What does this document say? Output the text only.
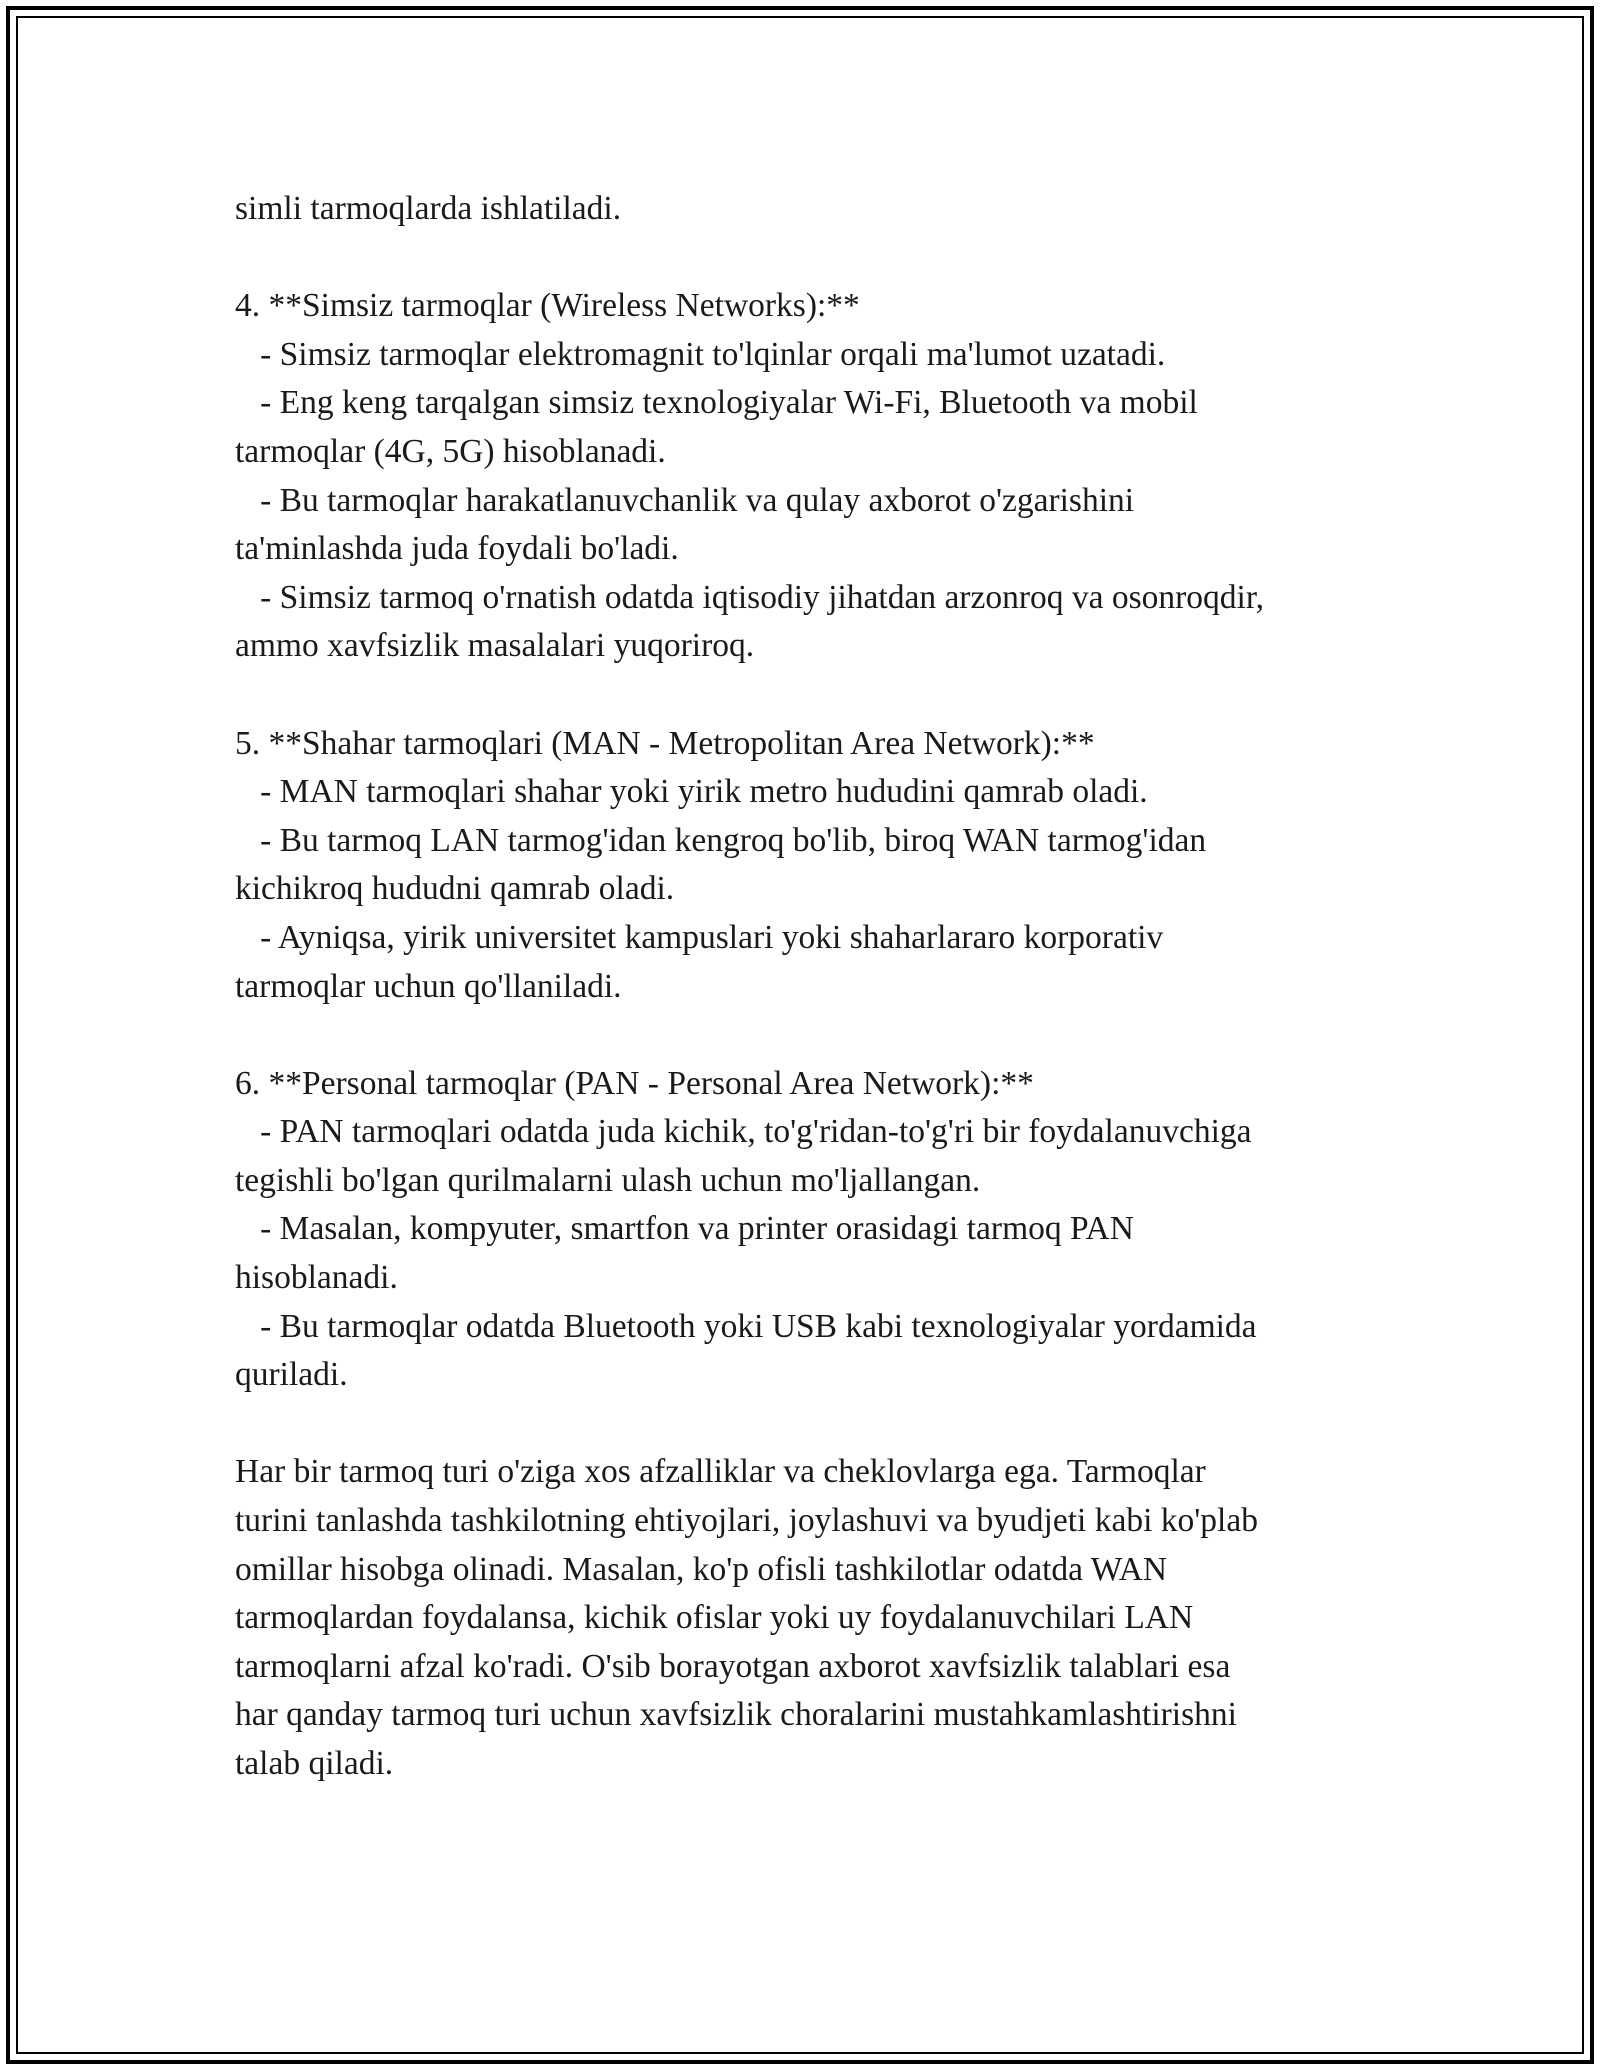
simli tarmoqlarda ishlatiladi.
4. **Simsiz tarmoqlar (Wireless Networks):**
- Simsiz tarmoqlar elektromagnit to'lqinlar orqali ma'lumot uzatadi.
- Eng keng tarqalgan simsiz texnologiyalar Wi-Fi, Bluetooth va mobil
tarmoqlar (4G, 5G) hisoblanadi.
- Bu tarmoqlar harakatlanuvchanlik va qulay axborot o'zgarishini
ta'minlashda juda foydali bo'ladi.
- Simsiz tarmoq o'rnatish odatda iqtisodiy jihatdan arzonroq va osonroqdir,
ammo xavfsizlik masalalari yuqoriroq.
5. **Shahar tarmoqlari (MAN - Metropolitan Area Network):**
- MAN tarmoqlari shahar yoki yirik metro hududini qamrab oladi.
- Bu tarmoq LAN tarmog'idan kengroq bo'lib, biroq WAN tarmog'idan
kichikroq hududni qamrab oladi.
- Ayniqsa, yirik universitet kampuslari yoki shaharlararo korporativ
tarmoqlar uchun qo'llaniladi.
6. **Personal tarmoqlar (PAN - Personal Area Network):**
- PAN tarmoqlari odatda juda kichik, to'g'ridan-to'g'ri bir foydalanuvchiga
tegishli bo'lgan qurilmalarni ulash uchun mo'ljallangan.
- Masalan, kompyuter, smartfon va printer orasidagi tarmoq PAN
hisoblanadi.
- Bu tarmoqlar odatda Bluetooth yoki USB kabi texnologiyalar yordamida
quriladi.
Har bir tarmoq turi o'ziga xos afzalliklar va cheklovlarga ega. Tarmoqlar
turini tanlashda tashkilotning ehtiyojlari, joylashuvi va byudjeti kabi ko'plab
omillar hisobga olinadi. Masalan, ko'p ofisli tashkilotlar odatda WAN
tarmoqlardan foydalansa, kichik ofislar yoki uy foydalanuvchilari LAN
tarmoqlarni afzal ko'radi. O'sib borayotgan axborot xavfsizlik talablari esa
har qanday tarmoq turi uchun xavfsizlik choralarini mustahkamlashtirishni
talab qiladi.
